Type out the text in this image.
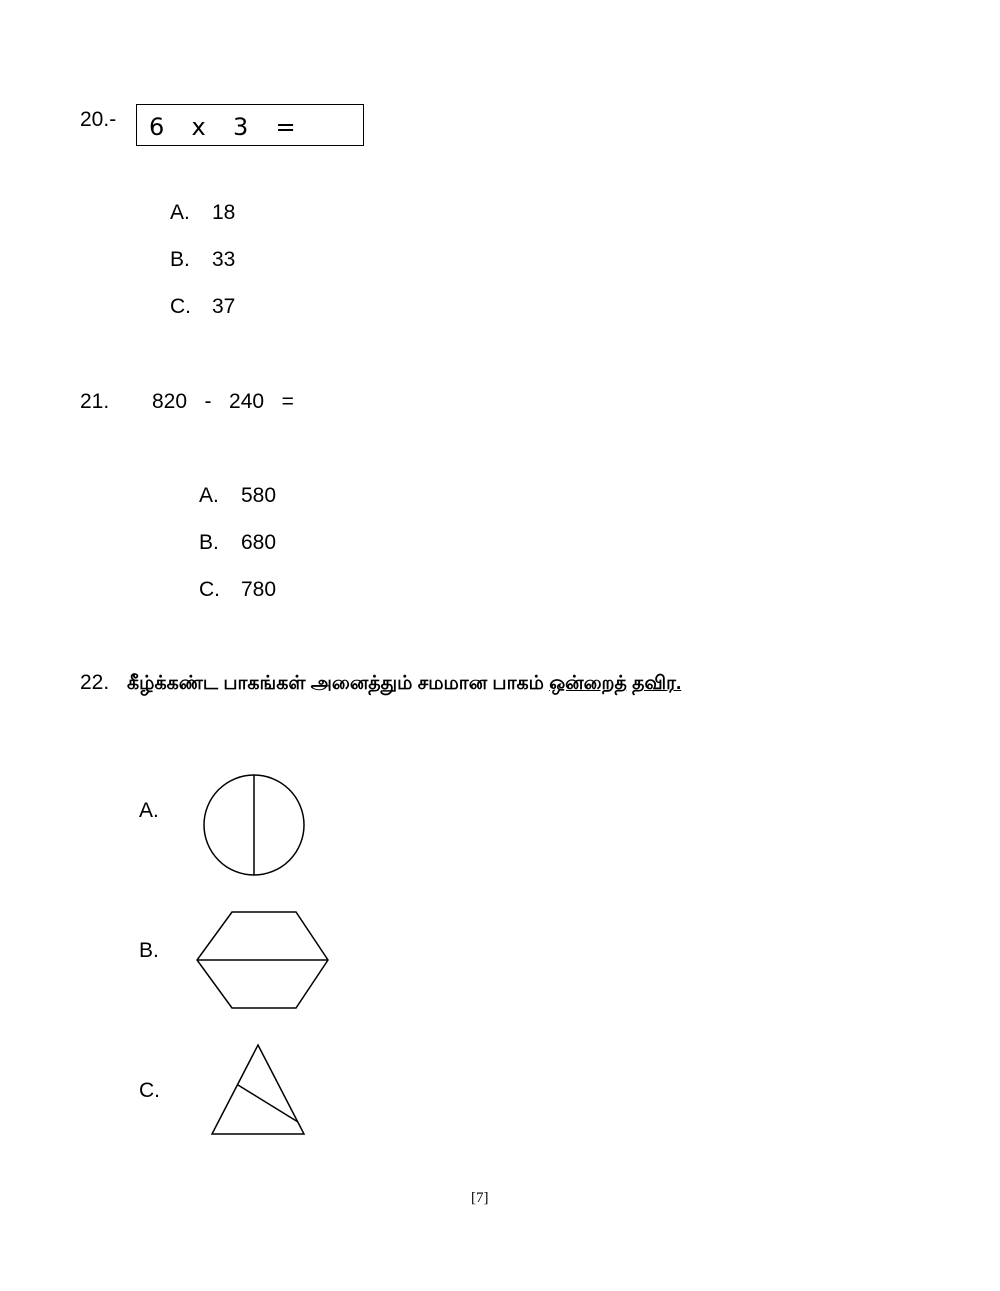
20.- 6  x  3  =
A. 18
B. 33
C. 37
21. 820   -   240   =
A. 580
B. 680
C. 780
22. கீழ்க்கண்ட பாகங்கள் அனைத்தும் சமமான பாகம் ஒன்றைத் தவிர.
A.
B.
C.
[7]
